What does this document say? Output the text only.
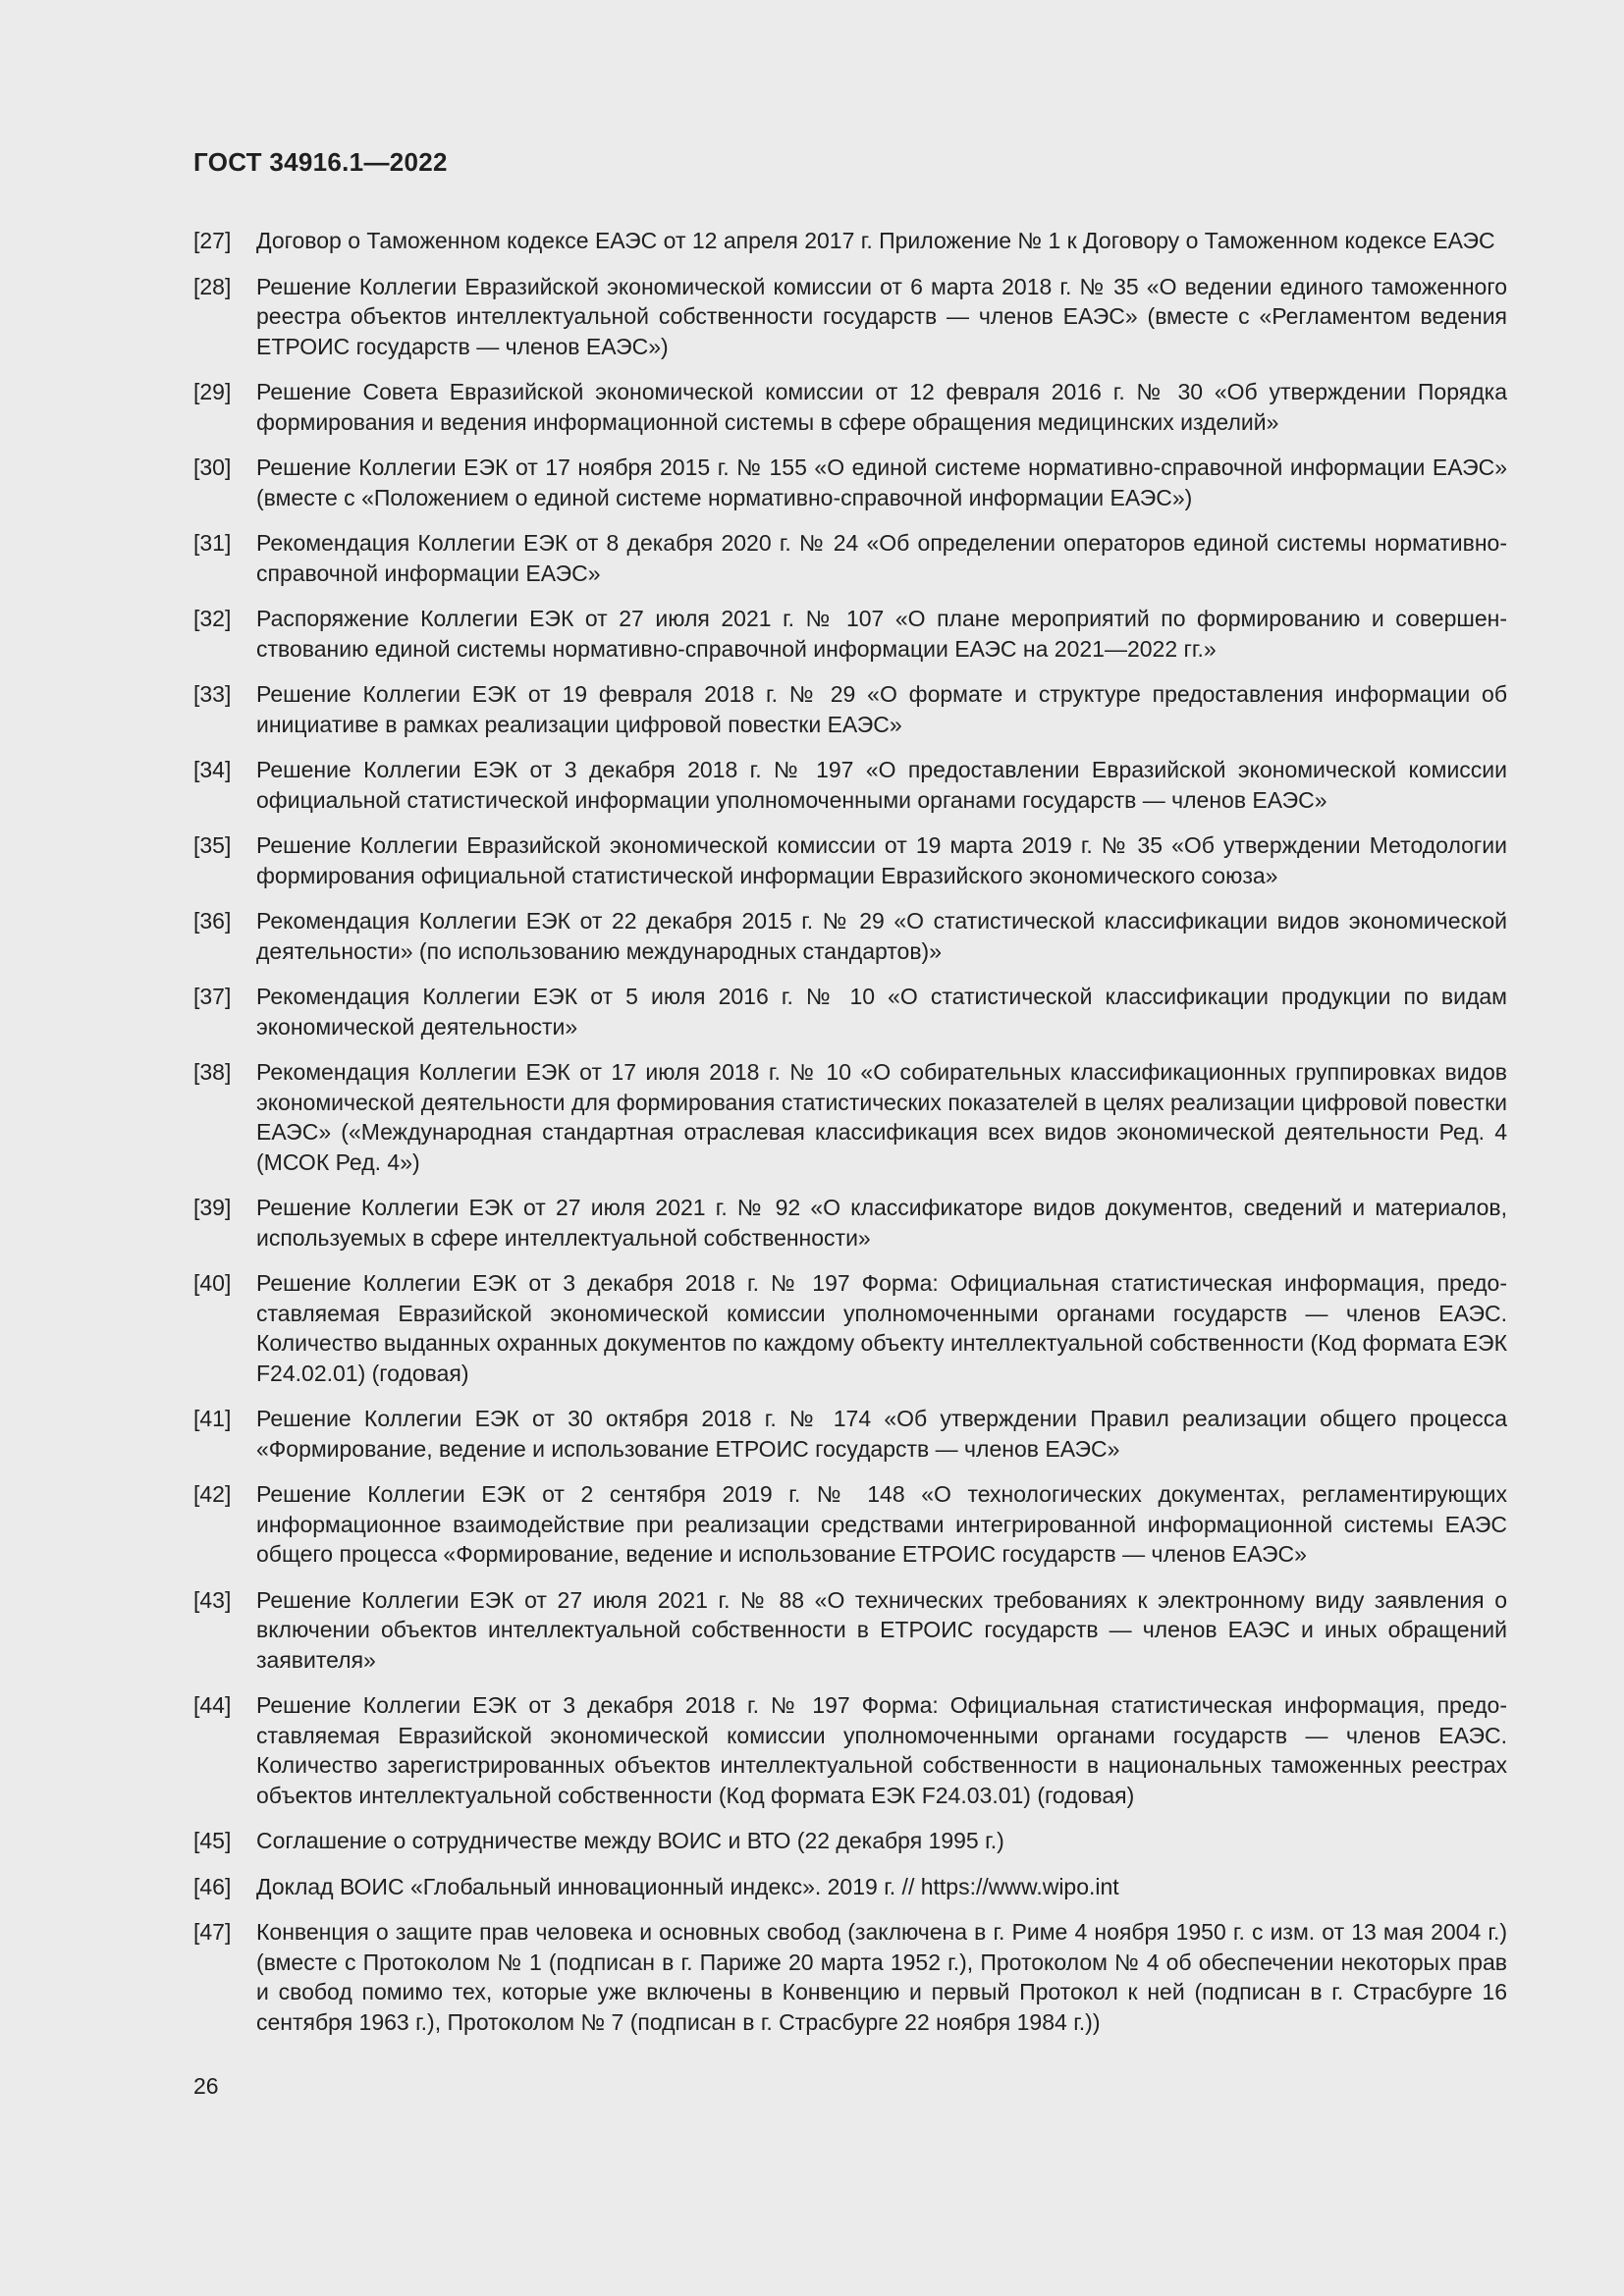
ГОСТ 34916.1—2022
[27]	Договор о Таможенном кодексе ЕАЭС от 12 апреля 2017 г. Приложение № 1 к Договору о Таможенном кодексе ЕАЭС
[28]	Решение Коллегии Евразийской экономической комиссии от 6 марта 2018 г. № 35 «О ведении единого таможенного реестра объектов интеллектуальной собственности государств — членов ЕАЭС» (вместе с «Регламентом ведения ЕТРОИС государств — членов ЕАЭС»)
[29]	Решение Совета Евразийской экономической комиссии от 12 февраля 2016 г. № 30 «Об утверждении Порядка формирования и ведения информационной системы в сфере обращения медицинских изделий»
[30]	Решение Коллегии ЕЭК от 17 ноября 2015 г. № 155 «О единой системе нормативно-справочной информации ЕАЭС» (вместе с «Положением о единой системе нормативно-справочной информации ЕАЭС»)
[31]	Рекомендация Коллегии ЕЭК от 8 декабря 2020 г. № 24 «Об определении операторов единой системы нормативно-справочной информации ЕАЭС»
[32]	Распоряжение Коллегии ЕЭК от 27 июля 2021 г. № 107 «О плане мероприятий по формированию и совершенствованию единой системы нормативно-справочной информации ЕАЭС на 2021—2022 гг.»
[33]	Решение Коллегии ЕЭК от 19 февраля 2018 г. № 29 «О формате и структуре предоставления информации об инициативе в рамках реализации цифровой повестки ЕАЭС»
[34]	Решение Коллегии ЕЭК от 3 декабря 2018 г. № 197 «О предоставлении Евразийской экономической комиссии официальной статистической информации уполномоченными органами государств — членов ЕАЭС»
[35]	Решение Коллегии Евразийской экономической комиссии от 19 марта 2019 г. № 35 «Об утверждении Методологии формирования официальной статистической информации Евразийского экономического союза»
[36]	Рекомендация Коллегии ЕЭК от 22 декабря 2015 г. № 29 «О статистической классификации видов экономической деятельности» (по использованию международных стандартов)»
[37]	Рекомендация Коллегии ЕЭК от 5 июля 2016 г. № 10 «О статистической классификации продукции по видам экономической деятельности»
[38]	Рекомендация Коллегии ЕЭК от 17 июля 2018 г. № 10 «О собирательных классификационных группировках видов экономической деятельности для формирования статистических показателей в целях реализации цифровой повестки ЕАЭС» («Международная стандартная отраслевая классификация всех видов экономической деятельности Ред. 4 (МСОК Ред. 4»)
[39]	Решение Коллегии ЕЭК от 27 июля 2021 г. № 92 «О классификаторе видов документов, сведений и материалов, используемых в сфере интеллектуальной собственности»
[40]	Решение Коллегии ЕЭК от 3 декабря 2018 г. № 197 Форма: Официальная статистическая информация, предоставляемая Евразийской экономической комиссии уполномоченными органами государств — членов ЕАЭС. Количество выданных охранных документов по каждому объекту интеллектуальной собственности (Код формата ЕЭК F24.02.01) (годовая)
[41]	Решение Коллегии ЕЭК от 30 октября 2018 г. № 174 «Об утверждении Правил реализации общего процесса «Формирование, ведение и использование ЕТРОИС государств — членов ЕАЭС»
[42]	Решение Коллегии ЕЭК от 2 сентября 2019 г. № 148 «О технологических документах, регламентирующих информационное взаимодействие при реализации средствами интегрированной информационной системы ЕАЭС общего процесса «Формирование, ведение и использование ЕТРОИС государств — членов ЕАЭС»
[43]	Решение Коллегии ЕЭК от 27 июля 2021 г. № 88 «О технических требованиях к электронному виду заявления о включении объектов интеллектуальной собственности в ЕТРОИС государств — членов ЕАЭС и иных обращений заявителя»
[44]	Решение Коллегии ЕЭК от 3 декабря 2018 г. № 197 Форма: Официальная статистическая информация, предоставляемая Евразийской экономической комиссии уполномоченными органами государств — членов ЕАЭС. Количество зарегистрированных объектов интеллектуальной собственности в национальных таможенных реестрах объектов интеллектуальной собственности (Код формата ЕЭК F24.03.01) (годовая)
[45]	Соглашение о сотрудничестве между ВОИС и ВТО (22 декабря 1995 г.)
[46]	Доклад ВОИС «Глобальный инновационный индекс». 2019 г. // https://www.wipo.int
[47]	Конвенция о защите прав человека и основных свобод (заключена в г. Риме 4 ноября 1950 г. с изм. от 13 мая 2004 г.) (вместе с Протоколом № 1 (подписан в г. Париже 20 марта 1952 г.), Протоколом № 4 об обеспечении некоторых прав и свобод помимо тех, которые уже включены в Конвенцию и первый Протокол к ней (подписан в г. Страсбурге 16 сентября 1963 г.), Протоколом № 7 (подписан в г. Страсбурге 22 ноября 1984 г.))
26
